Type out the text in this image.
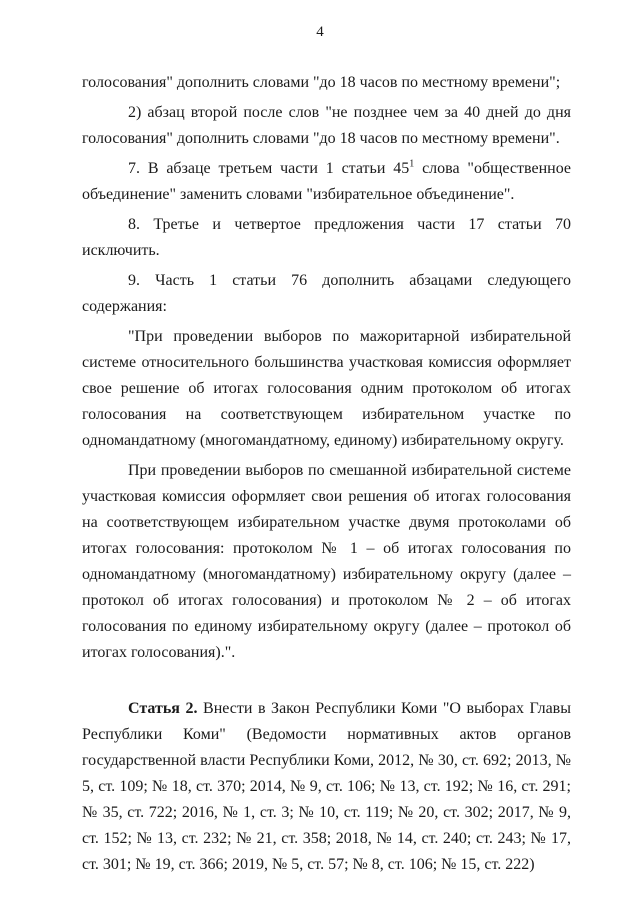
4

голосования" дополнить словами "до 18 часов по местному времени";

2) абзац второй после слов "не позднее чем за 40 дней до дня голосования" дополнить словами "до 18 часов по местному времени".

7. В абзаце третьем части 1 статьи $45^1$ слова "общественное объединение" заменить словами "избирательное объединение".

8. Третье и четвертое предложения части 17 статьи 70 исключить.

9. Часть 1 статьи 76 дополнить абзацами следующего содержания:

"При проведении выборов по мажоритарной избирательной системе относительного большинства участковая комиссия оформляет свое решение об итогах голосования одним протоколом об итогах голосования на соответствующем избирательном участке по одномандатному (многомандатному, единому) избирательному округу.

При проведении выборов по смешанной избирательной системе участковая комиссия оформляет свои решения об итогах голосования на соответствующем избирательном участке двумя протоколами об итогах голосования: протоколом № 1 – об итогах голосования по одномандатному (многомандатному) избирательному округу (далее – протокол об итогах голосования) и протоколом № 2 – об итогах голосования по единому избирательному округу (далее – протокол об итогах голосования).".

Статья 2. Внести в Закон Республики Коми "О выборах Главы Республики Коми" (Ведомости нормативных актов органов государственной власти Республики Коми, 2012, № 30, ст. 692; 2013, № 5, ст. 109; № 18, ст. 370; 2014, № 9, ст. 106; № 13, ст. 192; № 16, ст. 291; № 35, ст. 722; 2016, № 1, ст. 3; № 10, ст. 119; № 20, ст. 302; 2017, № 9, ст. 152; № 13, ст. 232; № 21, ст. 358; 2018, № 14, ст. 240; ст. 243; № 17, ст. 301; № 19, ст. 366; 2019, № 5, ст. 57; № 8, ст. 106; № 15, ст. 222)
